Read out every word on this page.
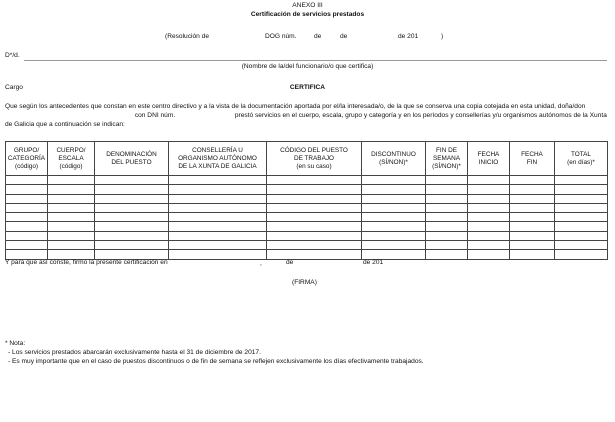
ANEXO III
Certificación de servicios prestados
(Resolución de	DOG núm.	de	de	de 201	)
D*/d.
(Nombre de la/del funcionario/o que certifica)
Cargo	CERTIFICA
Que según los antecedentes que constan en este centro directivo y a la vista de la documentación aportada por el/la interesada/o, de la que se conserva una copia cotejada en esta unidad, doña/don  con DNI núm.	prestó servicios en el cuerpo, escala, grupo y categoría y en los períodos y consellerías y/u organismos autónomos de la Xunta de Galicia que a continuación se indican:
GRUPO/
CATEGORÍA
(código)	CUERPO/
ESCALA
(código)	DENOMINACIÓN
DEL PUESTO	CONSELLERÍA U
ORGANISMO AUTÓNOMO
DE LA XUNTA DE GALICIA	CÓDIGO DEL PUESTO
DE TRABAJO
(en su caso)	DISCONTINUO
(SÍ/NON)*	FIN DE
SEMANA
(SÍ/NON)*	FECHA
INICIO	FECHA
FIN	TOTAL
(en días)*

Y para que así conste, firmo la presente certificación en	,	de	de 201
(FIRMA)
* Nota:
- Los servicios prestados abarcarán exclusivamente hasta el 31 de diciembre de 2017.
- Es muy importante que en el caso de puestos discontinuos o de fin de semana se reflejen exclusivamente los días efectivamente trabajados.
